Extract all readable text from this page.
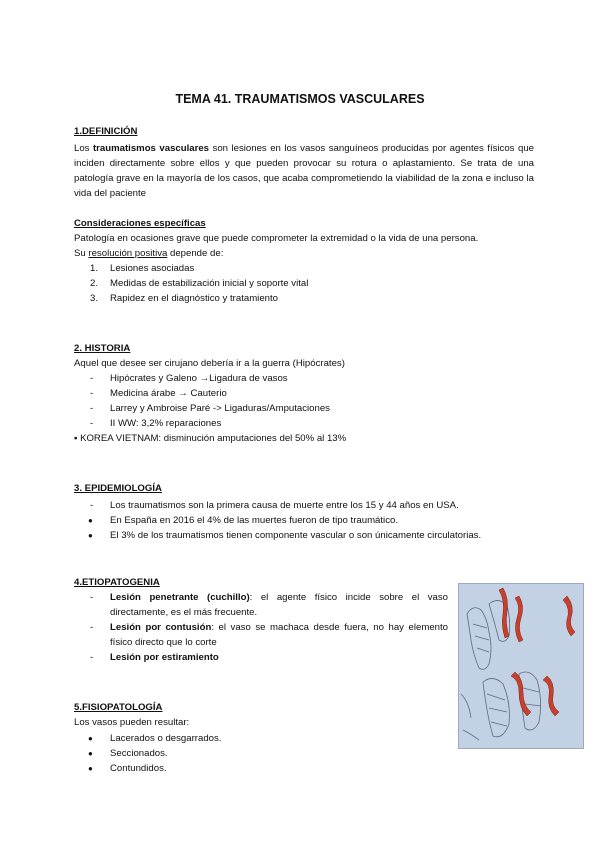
TEMA 41. TRAUMATISMOS VASCULARES

1.DEFINICIÓN

Los traumatismos vasculares son lesiones en los vasos sanguíneos producidas por agentes físicos que inciden directamente sobre ellos y que pueden provocar su rotura o aplastamiento. Se trata de una patología grave en la mayoría de los casos, que acaba comprometiendo la viabilidad de la zona e incluso la vida del paciente

Consideraciones específicas

Patología en ocasiones grave que puede comprometer la extremidad o la vida de una persona.

Su resolución positiva depende de:

1. Lesiones asociadas
2. Medidas de estabilización inicial y soporte vital
3. Rapidez en el diagnóstico y tratamiento

2. HISTORIA

Aquel que desee ser cirujano debería ir a la guerra (Hipócrates)

- Hipócrates y Galeno →Ligadura de vasos
- Medicina árabe → Cauterio
- Larrey y Ambroise Paré -> Ligaduras/Amputaciones
- II WW: 3,2% reparaciones

▪ KOREA VIETNAM: disminución amputaciones del 50% al 13%

3. EPIDEMIOLOGÍA

- Los traumatismos son la primera causa de muerte entre los 15 y 44 años en USA.
● En España en 2016 el 4% de las muertes fueron de tipo traumático.
● El 3% de los traumatismos tienen componente vascular o son únicamente circulatorias.

4.ETIOPATOGENIA

- Lesión penetrante (cuchillo): el agente físico incide sobre el vaso directamente, es el más frecuente.
- Lesión por contusión: el vaso se machaca desde fuera, no hay elemento físico directo que lo corte
- Lesión por estiramiento

5.FISIOPATOLOGÍA

Los vasos pueden resultar:

● Lacerados o desgarrados.
● Seccionados.
● Contundidos.
